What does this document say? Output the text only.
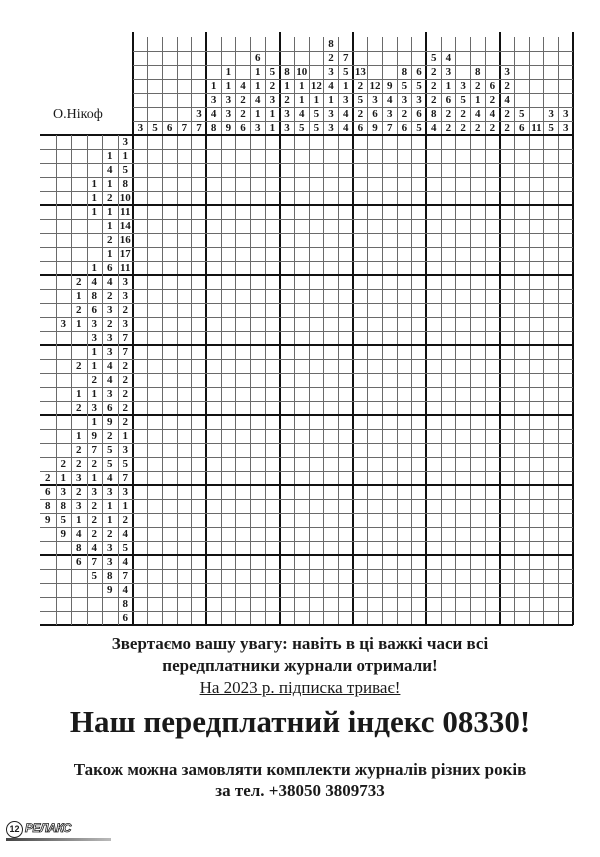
3 5 6 7
3
7
1
3
4
8
1
1
3
3
9
4
2
2
6
6
1
1
4
1
3
5
2
3
1
1
8
1
2
3
3
10
1
1
4
5
12
1
5
5
8
2
3
4
1
3
3
7
5
1
3
4
4
13
2
5
2
6
12
3
6
9
9
4
3
7
8
5
3
2
6
6
5
3
6
5
5
2
2
2
8
4
4
3
1
6
2
2
3
5
2
2
8
2
1
4
2
6
2
4
2
3
2
4
2
2
5
6 11
3
5
3
3
3
1 1
4 5
1 1 8
1 2 10
1 1 11
1 14
2 16
1 17
1 6 11
2 4 4 3
1 8 2 3
2 6 3 2
3 1 3 2 3
3 3 7
1 3 7
2 1 4 2
2 4 2
1 1 3 2
2 3 6 2
1 9 2
1 9 2 1
2 7 5 3
2 2 2 5 5
2 1 3 1 4 7
6 3 2 3 3 3
8 8 3 2 1 1
9 5 1 2 1 2
9 4 2 2 4
8 4 3 5
6 7 3 4
5 8 7
9 4
8
6
О.Нікоф
Звертаємо вашу увагу: навіть в ці важкі часи всі
передплатники журнали отримали!
На 2023 р. підписка триває!
Наш передплатний індекс 08330!
Також можна замовляти комплекти журналів різних років
за тел. +38050 3809733
12 РЕЛАКС
